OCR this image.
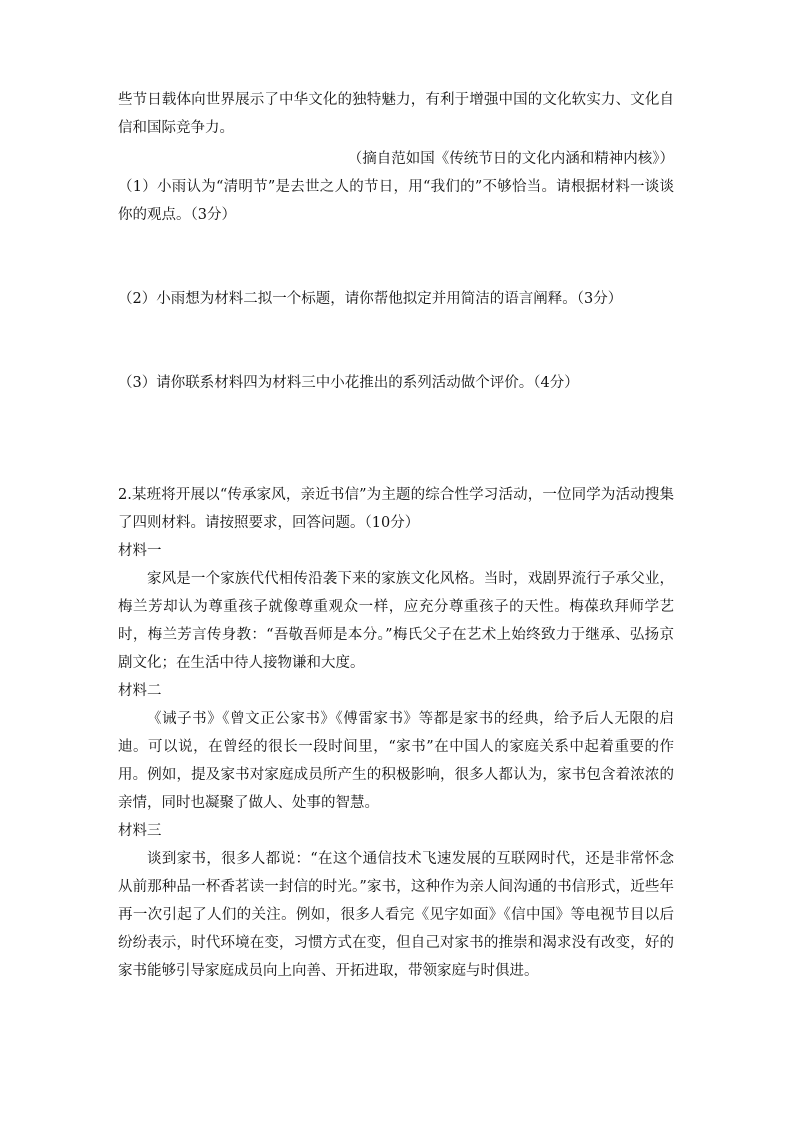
些节日载体向世界展示了中华文化的独特魅力，有利于增强中国的文化软实力、文化自信和国际竞争力。

（摘自范如国《传统节日的文化内涵和精神内核》）

（1）小雨认为“清明节”是去世之人的节日，用“我们的”不够恰当。请根据材料一谈谈你的观点。（3分）

（2）小雨想为材料二拟一个标题，请你帮他拟定并用简洁的语言阐释。（3分）

（3）请你联系材料四为材料三中小花推出的系列活动做个评价。（4分）

2.某班将开展以“传承家风，亲近书信”为主题的综合性学习活动，一位同学为活动搜集了四则材料。请按照要求，回答问题。（10分）

材料一

家风是一个家族代代相传沿袭下来的家族文化风格。当时，戏剧界流行子承父业，梅兰芳却认为尊重孩子就像尊重观众一样，应充分尊重孩子的天性。梅葆玖拜师学艺时，梅兰芳言传身教：“吾敬吾师是本分。”梅氏父子在艺术上始终致力于继承、弘扬京剧文化；在生活中待人接物谦和大度。

材料二

《诫子书》《曾文正公家书》《傅雷家书》等都是家书的经典，给予后人无限的启迪。可以说，在曾经的很长一段时间里，“家书”在中国人的家庭关系中起着重要的作用。例如，提及家书对家庭成员所产生的积极影响，很多人都认为，家书包含着浓浓的亲情，同时也凝聚了做人、处事的智慧。

材料三

谈到家书，很多人都说：“在这个通信技术飞速发展的互联网时代，还是非常怀念从前那种品一杯香茗读一封信的时光。”家书，这种作为亲人间沟通的书信形式，近些年再一次引起了人们的关注。例如，很多人看完《见字如面》《信中国》等电视节目以后纷纷表示，时代环境在变，习惯方式在变，但自己对家书的推崇和渴求没有改变，好的家书能够引导家庭成员向上向善、开拓进取，带领家庭与时俱进。
